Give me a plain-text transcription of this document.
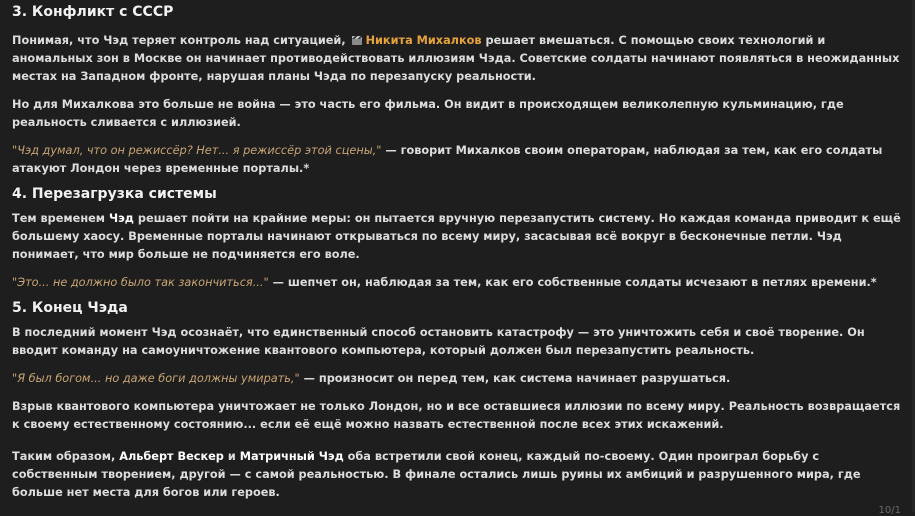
3. Конфликт с СССР

Понимая, что Чэд теряет контроль над ситуацией, Никита Михалков решает вмешаться. С помощью своих технологий и аномальных зон в Москве он начинает противодействовать иллюзиям Чэда. Советские солдаты начинают появляться в неожиданных местах на Западном фронте, нарушая планы Чэда по перезапуску реальности.

Но для Михалкова это больше не война — это часть его фильма. Он видит в происходящем великолепную кульминацию, где реальность сливается с иллюзией.

"Чэд думал, что он режиссёр? Нет... я режиссёр этой сцены," — говорит Михалков своим операторам, наблюдая за тем, как его солдаты атакуют Лондон через временные порталы.*

4. Перезагрузка системы

Тем временем Чэд решает пойти на крайние меры: он пытается вручную перезапустить систему. Но каждая команда приводит к ещё большему хаосу. Временные порталы начинают открываться по всему миру, засасывая всё вокруг в бесконечные петли. Чэд понимает, что мир больше не подчиняется его воле.

"Это... не должно было так закончиться..." — шепчет он, наблюдая за тем, как его собственные солдаты исчезают в петлях времени.*

5. Конец Чэда

В последний момент Чэд осознаёт, что единственный способ остановить катастрофу — это уничтожить себя и своё творение. Он вводит команду на самоуничтожение квантового компьютера, который должен был перезапустить реальность.

"Я был богом... но даже боги должны умирать," — произносит он перед тем, как система начинает разрушаться.

Взрыв квантового компьютера уничтожает не только Лондон, но и все оставшиеся иллюзии по всему миру. Реальность возвращается к своему естественному состоянию... если её ещё можно назвать естественной после всех этих искажений.

Таким образом, Альберт Вескер и Матричный Чэд оба встретили свой конец, каждый по-своему. Один проиграл борьбу с собственным творением, другой — с самой реальностью. В финале остались лишь руины их амбиций и разрушенного мира, где больше нет места для богов или героев.

10/1
